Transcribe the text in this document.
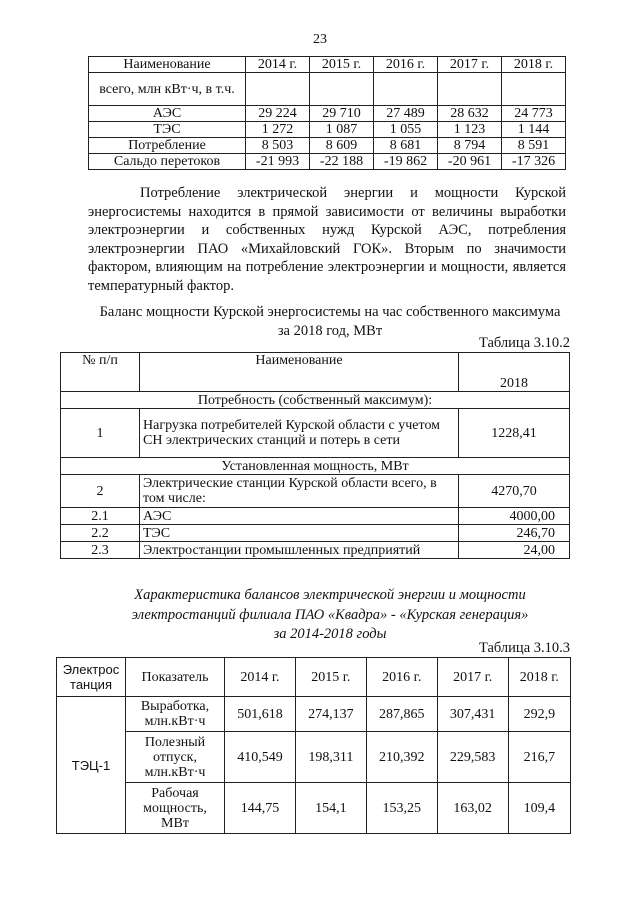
23
Наименование	2014 г.	2015 г.	2016 г.	2017 г.	2018 г.
всего, млн кВт·ч, в т.ч.					
АЭС	29 224	29 710	27 489	28 632	24 773
ТЭС	1 272	1 087	1 055	1 123	1 144
Потребление	8 503	8 609	8 681	8 794	8 591
Сальдо перетоков	-21 993	-22 188	-19 862	-20 961	-17 326
Потребление электрической энергии и мощности Курской энергосистемы находится в прямой зависимости от величины выработки электроэнергии и собственных нужд Курской АЭС, потребления электроэнергии ПАО «Михайловский ГОК». Вторым по значимости фактором, влияющим на потребление электроэнергии и мощности, является температурный фактор.
Баланс мощности Курской энергосистемы на час собственного максимума
за 2018 год, МВт
Таблица 3.10.2
№ п/п	Наименование	2018
Потребность (собственный максимум):		
1	Нагрузка потребителей Курской области с учетом СН электрических станций и потерь в сети	1228,41
Установленная мощность, МВт		
2	Электрические станции Курской области всего, в том числе:	4270,70
2.1	АЭС	4000,00
2.2	ТЭС	246,70
2.3	Электростанции промышленных предприятий	24,00
Характеристика балансов электрической энергии и мощности
электростанций филиала ПАО «Квадра» - «Курская генерация»
за 2014-2018 годы
Таблица 3.10.3
Электростанция	Показатель	2014 г.	2015 г.	2016 г.	2017 г.	2018 г.
ТЭЦ-1	Выработка, млн.кВт·ч	501,618	274,137	287,865	307,431	292,9
	Полезный отпуск, млн.кВт·ч	410,549	198,311	210,392	229,583	216,7
	Рабочая мощность, МВт	144,75	154,1	153,25	163,02	109,4
